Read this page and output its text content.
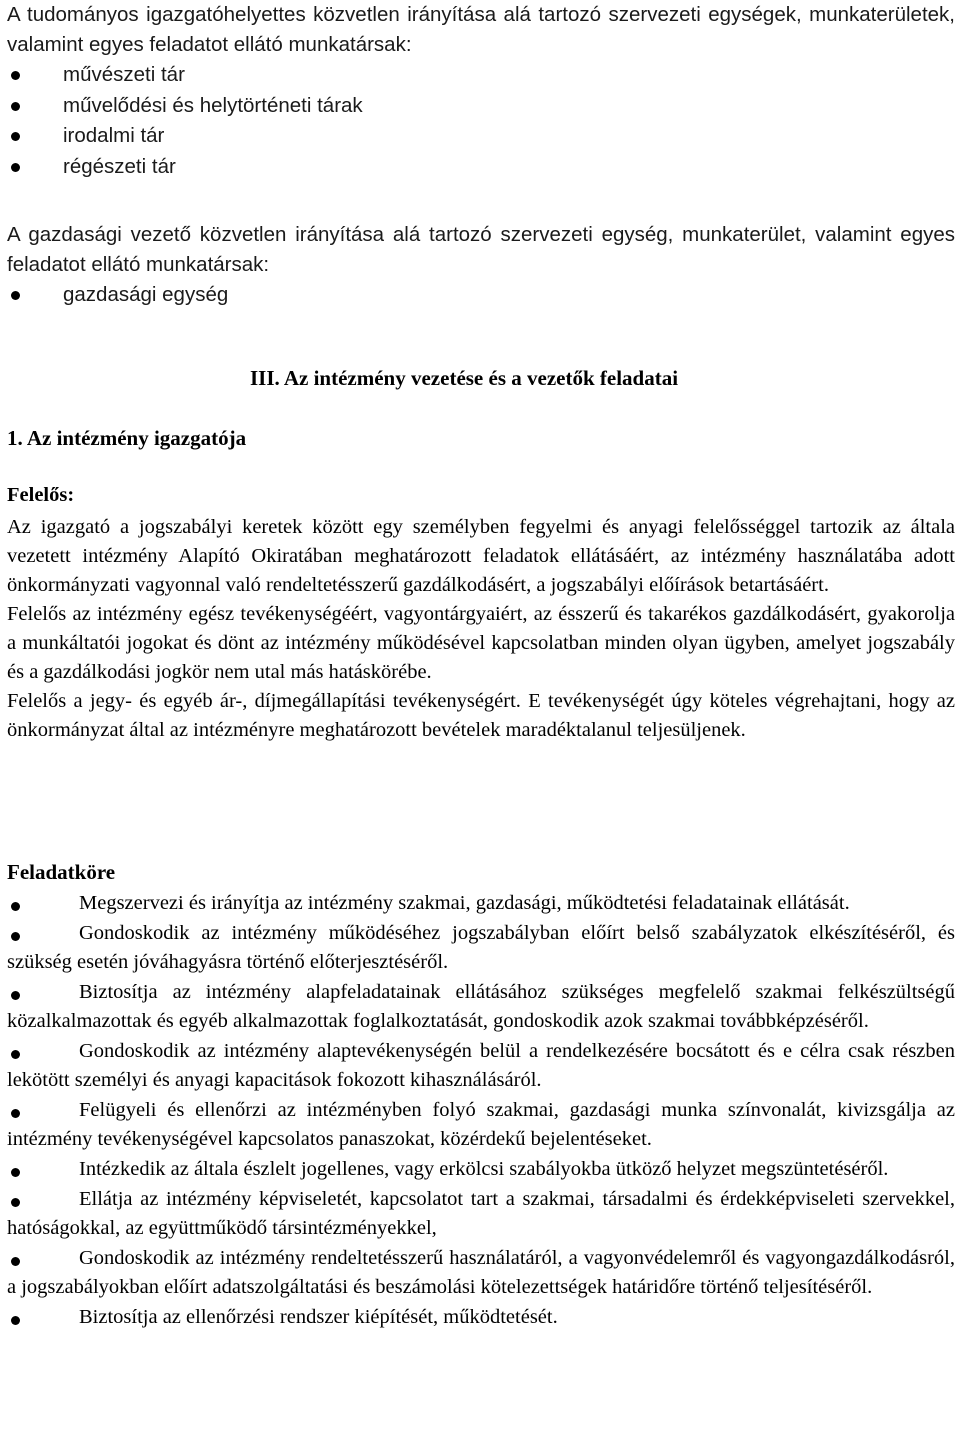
A tudományos igazgatóhelyettes közvetlen irányítása alá tartozó szervezeti egységek, munkaterületek, valamint egyes feladatot ellátó munkatársak:

művészeti tár
művelődési és helytörténeti tárak
irodalmi tár
régészeti tár

A gazdasági vezető közvetlen irányítása alá tartozó szervezeti egység, munkaterület, valamint egyes feladatot ellátó munkatársak:

gazdasági egység
III. Az intézmény vezetése és a vezetők feladatai
1. Az intézmény igazgatója
Felelős:

Az igazgató a jogszabályi keretek között egy személyben fegyelmi és anyagi felelősséggel tartozik az általa vezetett intézmény Alapító Okiratában meghatározott feladatok ellátásáért, az intézmény használatába adott önkormányzati vagyonnal való rendeltetésszerű gazdálkodásért, a jogszabályi előírások betartásáért.

Felelős az intézmény egész tevékenységéért, vagyontárgyaiért, az ésszerű és takarékos gazdálkodásért, gyakorolja a munkáltatói jogokat és dönt az intézmény működésével kapcsolatban minden olyan ügyben, amelyet jogszabály és a gazdálkodási jogkör nem utal más hatáskörébe.

Felelős a jegy- és egyéb ár-, díjmegállapítási tevékenységért. E tevékenységét úgy köteles végrehajtani, hogy az önkormányzat által az intézményre meghatározott bevételek maradéktalanul teljesüljenek.

Feladatköre

Megszervezi és irányítja az intézmény szakmai, gazdasági, működtetési feladatainak ellátását.

Gondoskodik az intézmény működéséhez jogszabályban előírt belső szabályzatok elkészítéséről, és szükség esetén jóváhagyásra történő előterjesztéséről.

Biztosítja az intézmény alapfeladatainak ellátásához szükséges megfelelő szakmai felkészültségű közalkalmazottak és egyéb alkalmazottak foglalkoztatását, gondoskodik azok szakmai továbbképzéséről.

Gondoskodik az intézmény alaptevékenységén belül a rendelkezésére bocsátott és e célra csak részben lekötött személyi és anyagi kapacitások fokozott kihasználásáról.

Felügyeli és ellenőrzi az intézményben folyó szakmai, gazdasági munka színvonalát, kivizsgálja az intézmény tevékenységével kapcsolatos panaszokat, közérdekű bejelentéseket.

Intézkedik az általa észlelt jogellenes, vagy erkölcsi szabályokba ütköző helyzet megszüntetéséről.

Ellátja az intézmény képviseletét, kapcsolatot tart a szakmai, társadalmi és érdekképviseleti szervekkel, hatóságokkal, az együttműködő társintézményekkel,

Gondoskodik az intézmény rendeltetésszerű használatáról, a vagyonvédelemről és vagyongazdálkodásról, a jogszabályokban előírt adatszolgáltatási és beszámolási kötelezettségek határidőre történő teljesítéséről.

Biztosítja az ellenőrzési rendszer kiépítését, működtetését.
